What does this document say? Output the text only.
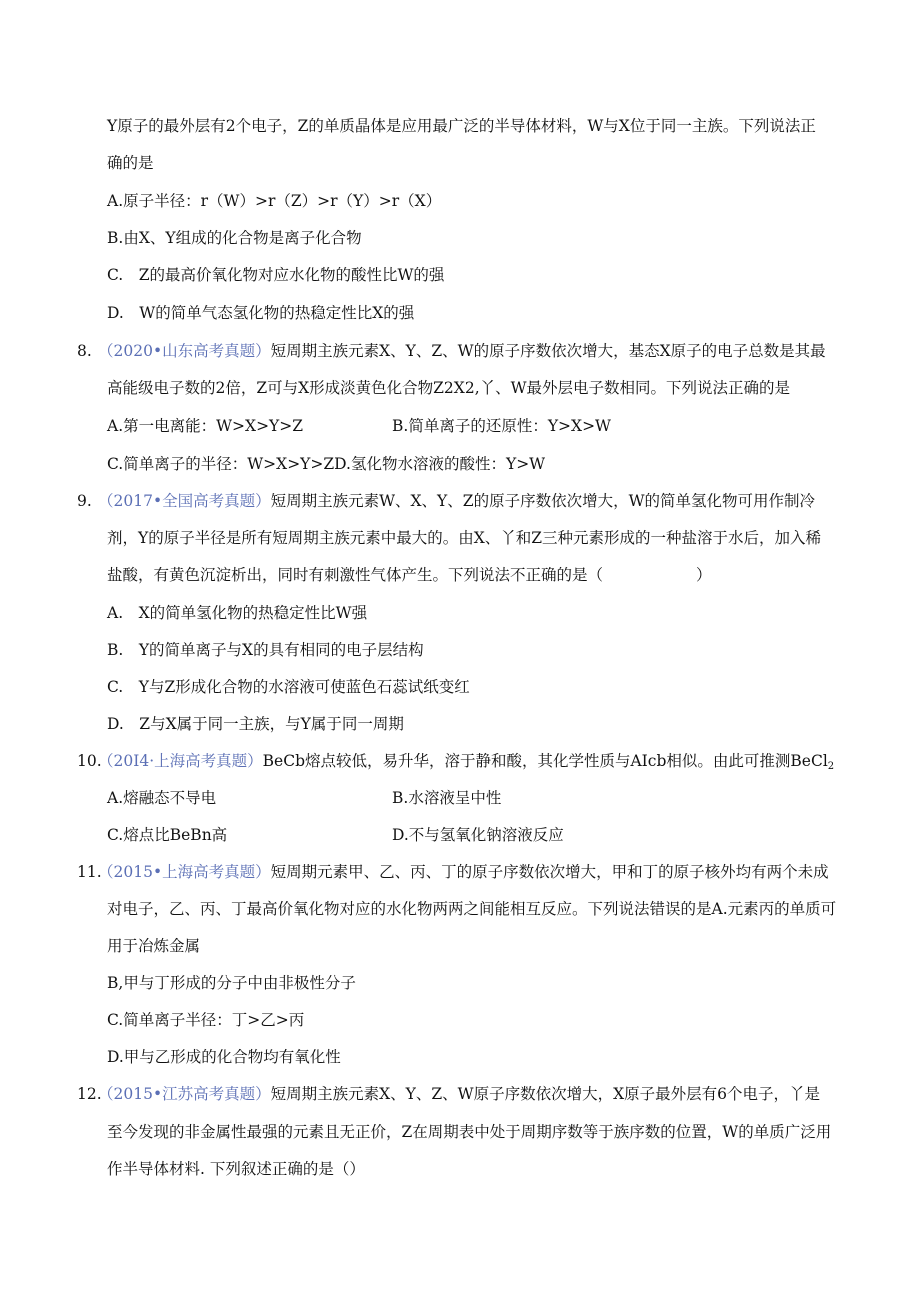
Y原子的最外层有2个电子，Z的单质晶体是应用最广泛的半导体材料，W与X位于同一主族。下列说法正
确的是
A.原子半径：r（W）>r（Z）>r（Y）>r（X）
B.由X、Y组成的化合物是离子化合物
C.　Z的最高价氧化物对应水化物的酸性比W的强
D.　W的简单气态氢化物的热稳定性比X的强
8. （2020•山东高考真题）短周期主族元素X、Y、Z、W的原子序数依次增大，基态X原子的电子总数是其最
高能级电子数的2倍，Z可与X形成淡黄色化合物Z2X2,丫、W最外层电子数相同。下列说法正确的是
A.第一电离能：W>X>Y>Z	B.简单离子的还原性：Y>X>W
C.简单离子的半径：W>X>Y>ZD.氢化物水溶液的酸性：Y>W
9. （2017•全国高考真题）短周期主族元素W、X、Y、Z的原子序数依次增大，W的简单氢化物可用作制冷
剂，Y的原子半径是所有短周期主族元素中最大的。由X、丫和Z三种元素形成的一种盐溶于水后，加入稀
盐酸，有黄色沉淀析出，同时有刺激性气体产生。下列说法不正确的是（　　　　　　）
A.　X的简单氢化物的热稳定性比W强
B.　Y的简单离子与X的具有相同的电子层结构
C.　Y与Z形成化合物的水溶液可使蓝色石蕊试纸变红
D.　Z与X属于同一主族，与Y属于同一周期
10.
（20I4·上海高考真题）BeCb熔点较低，易升华，溶于静和酸，其化学性质与AIcb相似。由此可推测BeCl$_2$
A.熔融态不导电	B.水溶液呈中性
C.熔点比BeBn高	D.不与氢氧化钠溶液反应
11.
（2015•上海高考真题）短周期元素甲、乙、丙、丁的原子序数依次增大，甲和丁的原子核外均有两个未成
对电子，乙、丙、丁最高价氧化物对应的水化物两两之间能相互反应。下列说法错误的是A.元素丙的单质可
用于冶炼金属
B,甲与丁形成的分子中由非极性分子
C.简单离子半径：丁>乙>丙
D.甲与乙形成的化合物均有氧化性
12.
（2015•江苏高考真题）短周期主族元素X、Y、Z、W原子序数依次增大，X原子最外层有6个电子，丫是
至今发现的非金属性最强的元素且无正价，Z在周期表中处于周期序数等于族序数的位置，W的单质广泛用
作半导体材料. 下列叙述正确的是（）
